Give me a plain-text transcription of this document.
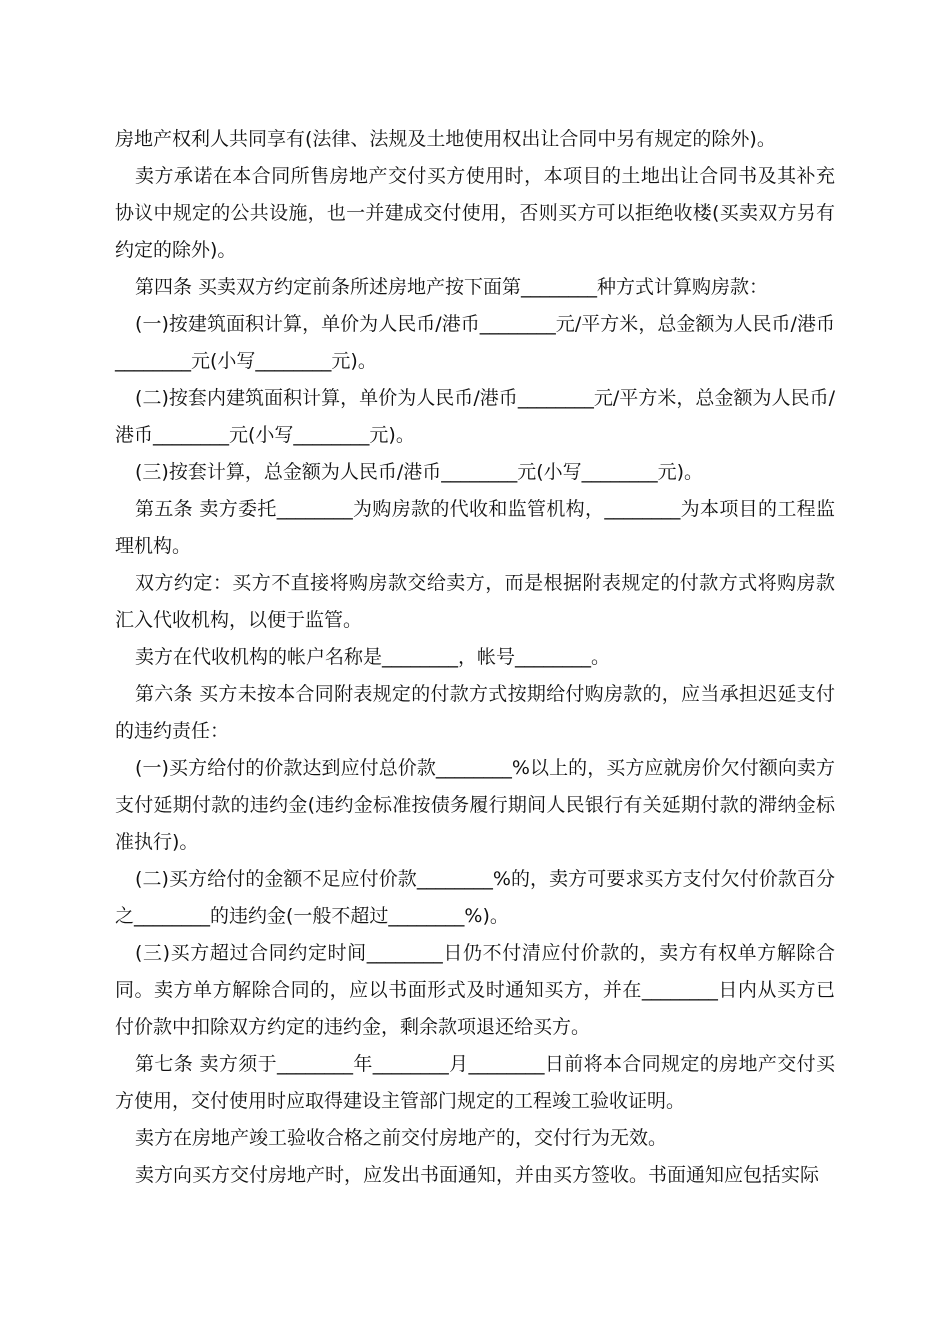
房地产权利人共同享有(法律、法规及土地使用权出让合同中另有规定的除外)。

卖方承诺在本合同所售房地产交付买方使用时，本项目的土地出让合同书及其补充协议中规定的公共设施，也一并建成交付使用，否则买方可以拒绝收楼(买卖双方另有约定的除外)。

第四条 买卖双方约定前条所述房地产按下面第________种方式计算购房款：

(一)按建筑面积计算，单价为人民币/港币________元/平方米，总金额为人民币/港币________元(小写________元)。

(二)按套内建筑面积计算，单价为人民币/港币________元/平方米，总金额为人民币/港币________元(小写________元)。

(三)按套计算，总金额为人民币/港币________元(小写________元)。

第五条 卖方委托________为购房款的代收和监管机构，________为本项目的工程监理机构。

双方约定：买方不直接将购房款交给卖方，而是根据附表规定的付款方式将购房款汇入代收机构，以便于监管。

卖方在代收机构的帐户名称是________，帐号________。

第六条 买方未按本合同附表规定的付款方式按期给付购房款的，应当承担迟延支付的违约责任：

(一)买方给付的价款达到应付总价款________%以上的，买方应就房价欠付额向卖方支付延期付款的违约金(违约金标准按债务履行期间人民银行有关延期付款的滞纳金标准执行)。

(二)买方给付的金额不足应付价款________%的，卖方可要求买方支付欠付价款百分之________的违约金(一般不超过________%)。

(三)买方超过合同约定时间________日仍不付清应付价款的，卖方有权单方解除合同。卖方单方解除合同的，应以书面形式及时通知买方，并在________日内从买方已付价款中扣除双方约定的违约金，剩余款项退还给买方。

第七条 卖方须于________年________月________日前将本合同规定的房地产交付买方使用，交付使用时应取得建设主管部门规定的工程竣工验收证明。

卖方在房地产竣工验收合格之前交付房地产的，交付行为无效。

卖方向买方交付房地产时，应发出书面通知，并由买方签收。书面通知应包括实际
